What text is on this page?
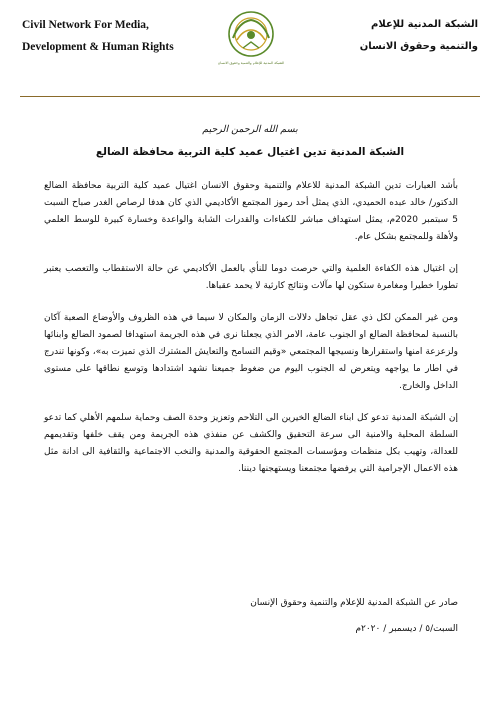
Civil Network For Media,
Development & Human Rights
الشبكة المدنية للإعلام والتنمية وحقوق الانسان
الشبكة المدنية للإعلام
والتنمية وحقوق الانسان
بسم الله الرحمن الرحيم
الشبكة المدنية تدين اغتيال عميد كلية التربية محافظة الضالع

بأشد العبارات تدين الشبكة المدنية للاعلام والتنمية وحقوق الانسان اغتيال عميد كلية التربية محافظة الضالع الدكتور/ خالد عبده الحميدي، الذي يمثل أحد رموز المجتمع الأكاديمي الذي كان هدفا لرصاص الغدر صباح السبت 5 سبتمبر 2020م، يمثل استهداف مباشر للكفاءات والقدرات الشابة والواعدة وخسارة كبيرة للوسط العلمي ولأهلة وللمجتمع بشكل عام.

إن اغتيال هذه الكفاءة العلمية والتي حرصت دوما للنأي بالعمل الأكاديمي عن حالة الاستقطاب والتعصب يعتبر تطورا خطيرا ومغامرة ستكون لها مآلات ونتائج كارثية لا يحمد عقباها.

ومن غير الممكن لكل ذي عقل تجاهل دلالات الزمان والمكان لا سيما في هذه الظروف والأوضاع الصعبة آكان بالنسبة لمحافظة الضالع او الجنوب عامة، الامر الذي يجعلنا نرى في هذه الجريمة استهدافا لصمود الضالع وابنائها ولزعزعة امنها واستقرارها ونسيجها المجتمعي «وقيم التسامح والتعايش المشترك الذي تميزت به»، وكونها تندرج في اطار ما يواجهه ويتعرض له الجنوب اليوم من ضغوط جميعنا نشهد اشتدادها وتوسع نطاقها على مستوى الداخل والخارج.

إن الشبكة المدنية تدعو كل ابناء الضالع الخيرين الى التلاحم وتعزيز وحدة الصف وحماية سلمهم الأهلي كما تدعو السلطة المحلية والامنية الى سرعة التحقيق والكشف عن منفذي هذه الجريمة ومن يقف خلفها وتقديمهم للعدالة، وتهيب بكل منظمات ومؤسسات المجتمع الحقوقية والمدنية والنخب الاجتماعية والثقافية الى ادانة مثل هذه الاعمال الإجرامية التي يرفضها مجتمعنا ويستهجنها ديننا.

صادر عن الشبكة المدنية للإعلام والتنمية وحقوق الإنسان
السبت/٥ / ديسمبر / ٢٠٢٠م
